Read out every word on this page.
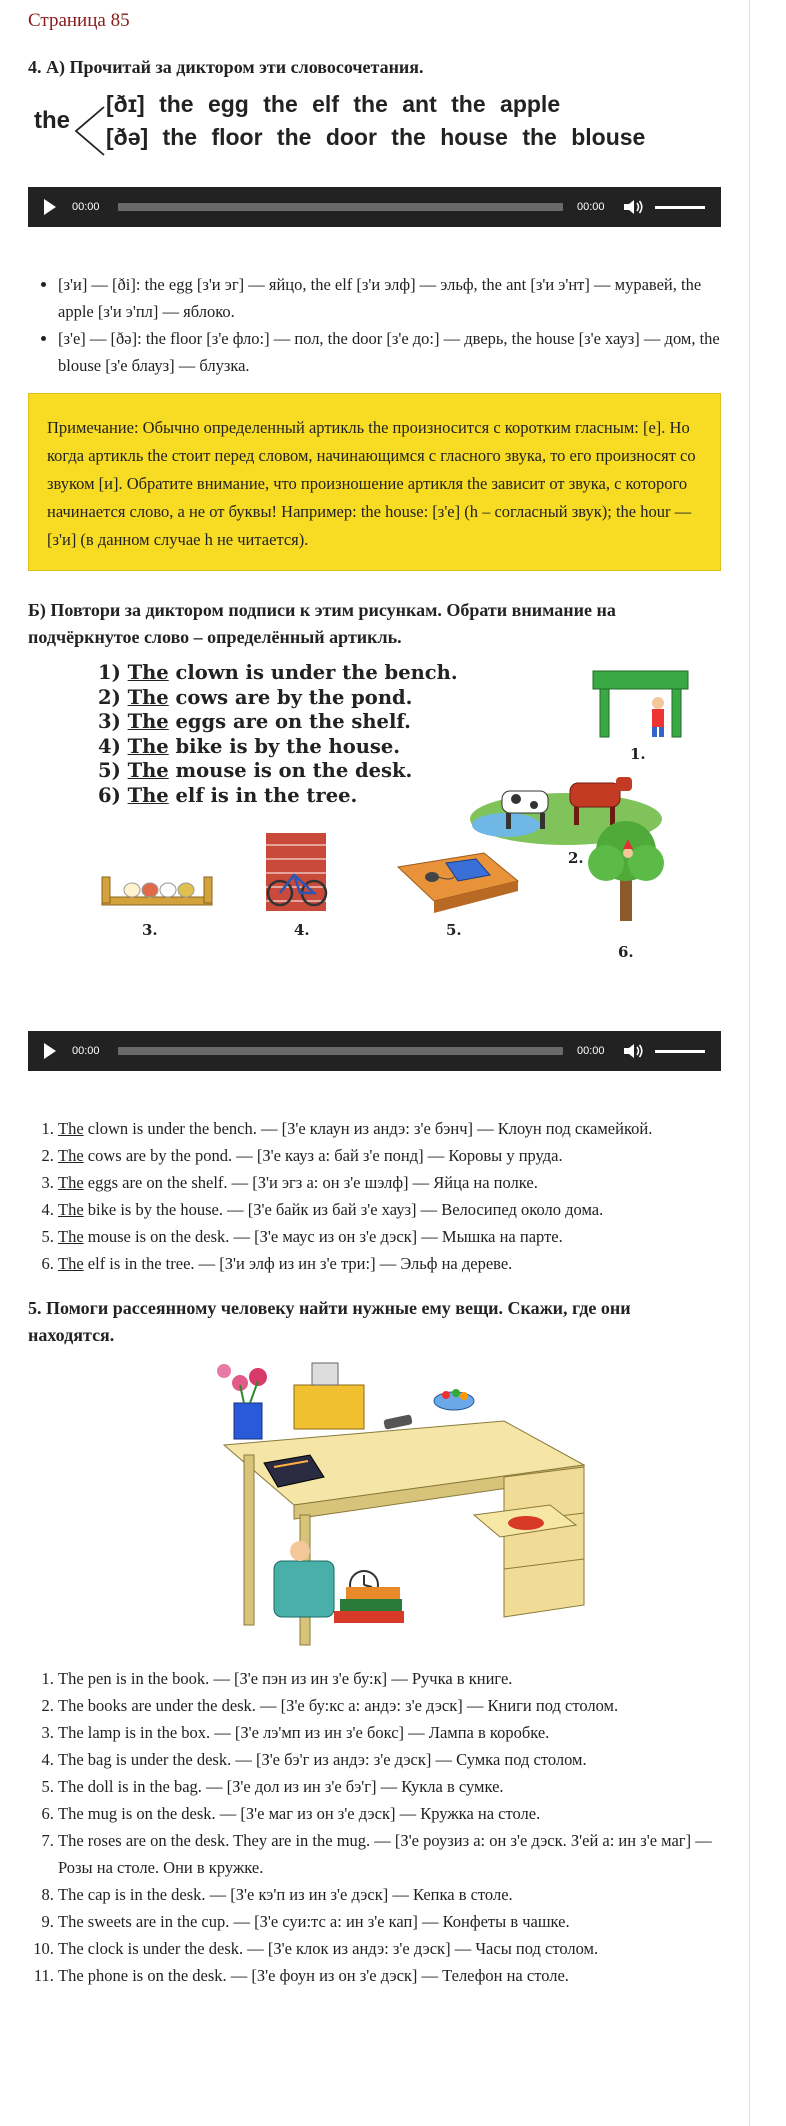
Страница 85

4. А) Прочитай за диктором эти словосочетания.

the
[ðɪ] the egg the elf the ant the apple
[ðə] the floor the door the house the blouse
00:00	00:00
• [з'и] — [ði]: the egg [з'и эг] — яйцо, the elf [з'и элф] — эльф, the ant [з'и э'нт] — муравей, the apple [з'и э'пл] — яблоко.
• [з'е] — [ðə]: the floor [з'е фло:] — пол, the door [з'е до:] — дверь, the house [з'е хауз] — дом, the blouse [з'е блауз] — блузка.
Примечание: Обычно определенный артикль the произносится с коротким гласным: [е]. Но когда артикль the стоит перед словом, начинающимся с гласного звука, то его произносят со звуком [и]. Обратите внимание, что произношение артикля the зависит от звука, с которого начинается слово, а не от буквы! Например: the house: [з'е] (h – согласный звук); the hour — [з'и] (в данном случае h не читается).

Б) Повтори за диктором подписи к этим рисункам. Обрати внимание на подчёркнутое слово – определённый артикль.

1) The clown is under the bench.
2) The cows are by the pond.
3) The eggs are on the shelf.
4) The bike is by the house.
5) The mouse is on the desk.
6) The elf is in the tree.
1.
2.
3.	4.	5.
6.
00:00	00:00
1. The clown is under the bench. — [З'е клаун из андэ: з'е бэнч] — Клоун под скамейкой.
2. The cows are by the pond. — [З'е кауз а: бай з'е понд] — Коровы у пруда.
3. The eggs are on the shelf. — [З'и эгз а: он з'е шэлф] — Яйца на полке.
4. The bike is by the house. — [З'е байк из бай з'е хауз] — Велосипед около дома.
5. The mouse is on the desk. — [З'е маус из он з'е дэск] — Мышка на парте.
6. The elf is in the tree. — [З'и элф из ин з'е три:] — Эльф на дереве.

5. Помоги рассеянному человеку найти нужные ему вещи. Скажи, где они находятся.

1. The pen is in the book. — [З'е пэн из ин з'е бу:к] — Ручка в книге.
2. The books are under the desk. — [З'е бу:кс а: андэ: з'е дэск] — Книги под столом.
3. The lamp is in the box. — [З'е лэ'мп из ин з'е бокс] — Лампа в коробке.
4. The bag is under the desk. — [З'е бэ'г из андэ: з'е дэск] — Сумка под столом.
5. The doll is in the bag. — [З'е дол из ин з'е бэ'г] — Кукла в сумке.
6. The mug is on the desk. — [З'е маг из он з'е дэск] — Кружка на столе.
7. The roses are on the desk. They are in the mug. — [З'е роузиз а: он з'е дэск. З'ей а: ин з'е маг] — Розы на столе. Они в кружке.
8. The cap is in the desk. — [З'е кэ'п из ин з'е дэск] — Кепка в столе.
9. The sweets are in the cup. — [З'е суи:тс а: ин з'е кап] — Конфеты в чашке.
10. The clock is under the desk. — [З'е клок из андэ: з'е дэск] — Часы под столом.
11. The phone is on the desk. — [З'е фоун из он з'е дэск] — Телефон на столе.
